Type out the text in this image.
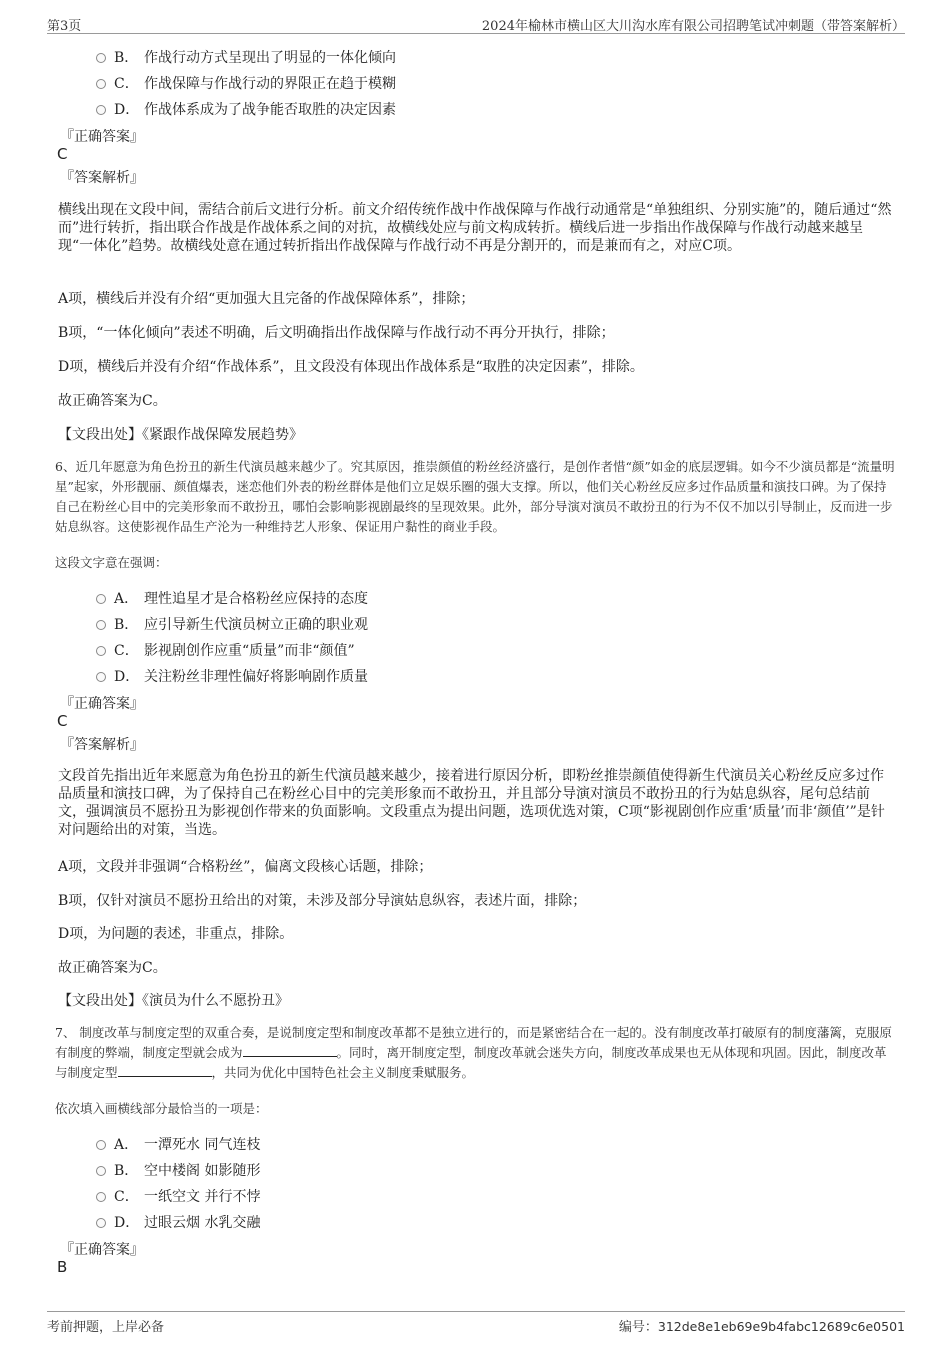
第3页	2024年榆林市横山区大川沟水库有限公司招聘笔试冲刺题（带答案解析）
B． 作战行动方式呈现出了明显的一体化倾向
C． 作战保障与作战行动的界限正在趋于模糊
D． 作战体系成为了战争能否取胜的决定因素
『正确答案』
C
『答案解析』
横线出现在文段中间，需结合前后文进行分析。前文介绍传统作战中作战保障与作战行动通常是“单独组织、分别实施”的，随后通过“然而”进行转折，指出联合作战是作战体系之间的对抗，故横线处应与前文构成转折。横线后进一步指出作战保障与作战行动越来越呈现“一体化”趋势。故横线处意在通过转折指出作战保障与作战行动不再是分割开的，而是兼而有之，对应C项。
A项，横线后并没有介绍“更加强大且完备的作战保障体系”，排除；
B项，“一体化倾向”表述不明确，后文明确指出作战保障与作战行动不再分开执行，排除；
D项，横线后并没有介绍“作战体系”，且文段没有体现出作战体系是“取胜的决定因素”，排除。
故正确答案为C。
【文段出处】《紧跟作战保障发展趋势》
6、近几年愿意为角色扮丑的新生代演员越来越少了。究其原因，推崇颜值的粉丝经济盛行，是创作者惜“颜”如金的底层逻辑。如今不少演员都是“流量明星”起家，外形靓丽、颜值爆表，迷恋他们外表的粉丝群体是他们立足娱乐圈的强大支撑。所以，他们关心粉丝反应多过作品质量和演技口碑。为了保持自己在粉丝心目中的完美形象而不敢扮丑，哪怕会影响影视剧最终的呈现效果。此外，部分导演对演员不敢扮丑的行为不仅不加以引导制止，反而进一步姑息纵容。这使影视作品生产沦为一种维持艺人形象、保证用户黏性的商业手段。
这段文字意在强调：
A． 理性追星才是合格粉丝应保持的态度
B． 应引导新生代演员树立正确的职业观
C． 影视剧创作应重“质量”而非“颜值”
D． 关注粉丝非理性偏好将影响剧作质量
『正确答案』
C
『答案解析』
文段首先指出近年来愿意为角色扮丑的新生代演员越来越少，接着进行原因分析，即粉丝推崇颜值使得新生代演员关心粉丝反应多过作品质量和演技口碑，为了保持自己在粉丝心目中的完美形象而不敢扮丑，并且部分导演对演员不敢扮丑的行为姑息纵容，尾句总结前文，强调演员不愿扮丑为影视创作带来的负面影响。文段重点为提出问题，选项优选对策，C项“影视剧创作应重‘质量’而非‘颜值’”是针对问题给出的对策，当选。
A项，文段并非强调“合格粉丝”，偏离文段核心话题，排除；
B项，仅针对演员不愿扮丑给出的对策，未涉及部分导演姑息纵容，表述片面，排除；
D项，为问题的表述，非重点，排除。
故正确答案为C。
【文段出处】《演员为什么不愿扮丑》
7、 制度改革与制度定型的双重合奏，是说制度定型和制度改革都不是独立进行的，而是紧密结合在一起的。没有制度改革打破原有的制度藩篱，克服原有制度的弊端，制度定型就会成为	。同时，离开制度定型，制度改革就会迷失方向，制度改革成果也无从体现和巩固。因此，制度改革与制度定型	，共同为优化中国特色社会主义制度秉赋服务。
依次填入画横线部分最恰当的一项是：
A． 一潭死水 同气连枝
B． 空中楼阁 如影随形
C． 一纸空文 并行不悖
D． 过眼云烟 水乳交融
『正确答案』
B
考前押题，上岸必备	编号：312de8e1eb69e9b4fabc12689c6e0501
